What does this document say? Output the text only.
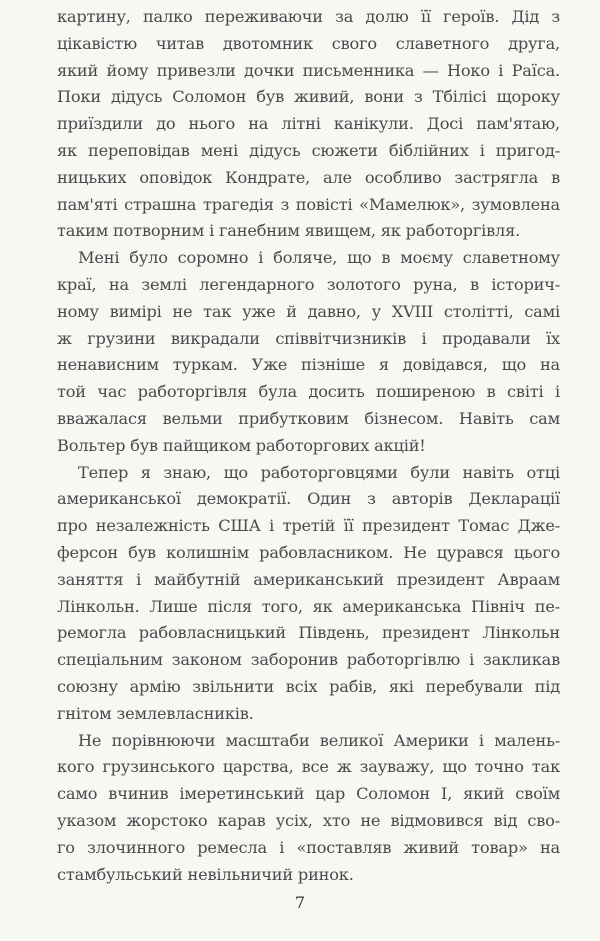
картину, палко переживаючи за долю її героїв. Дід з
цікавістю читав двотомник свого славетного друга,
який йому привезли дочки письменника — Ноко і Раїса.
Поки дідусь Соломон був живий, вони з Тбілісі щороку
приїздили до нього на літні канікули. Досі пам'ятаю,
як переповідав мені дідусь сюжети біблійних і пригод-
ницьких оповідок Кондрате, але особливо застрягла в
пам'яті страшна трагедія з повісті «Мамелюк», зумовлена
таким потворним і ганебним явищем, як работоргівля.
Мені було соромно і боляче, що в моєму славетному
краї, на землі легендарного золотого руна, в історич-
ному вимірі не так уже й давно, у XVIII столітті, самі
ж грузини викрадали співвітчизників і продавали їх
ненависним туркам. Уже пізніше я довідався, що на
той час работоргівля була досить поширеною в світі і
вважалася вельми прибутковим бізнесом. Навіть сам
Вольтер був пайщиком работоргових акцій!
Тепер я знаю, що работорговцями були навіть отці
американської демократії. Один з авторів Декларації
про незалежність США і третій її президент Томас Дже-
ферсон був колишнім рабовласником. Не цурався цього
заняття і майбутній американський президент Авраам
Лінкольн. Лише після того, як американська Північ пе-
ремогла рабовласницький Південь, президент Лінкольн
спеціальним законом заборонив работоргівлю і закликав
союзну армію звільнити всіх рабів, які перебували під
гнітом землевласників.
Не порівнюючи масштаби великої Америки і малень-
кого грузинського царства, все ж зауважу, що точно так
само вчинив імеретинський цар Соломон І, який своїм
указом жорстоко карав усіх, хто не відмовився від сво-
го злочинного ремесла і «поставляв живий товар» на
стамбульський невільничий ринок.
7
